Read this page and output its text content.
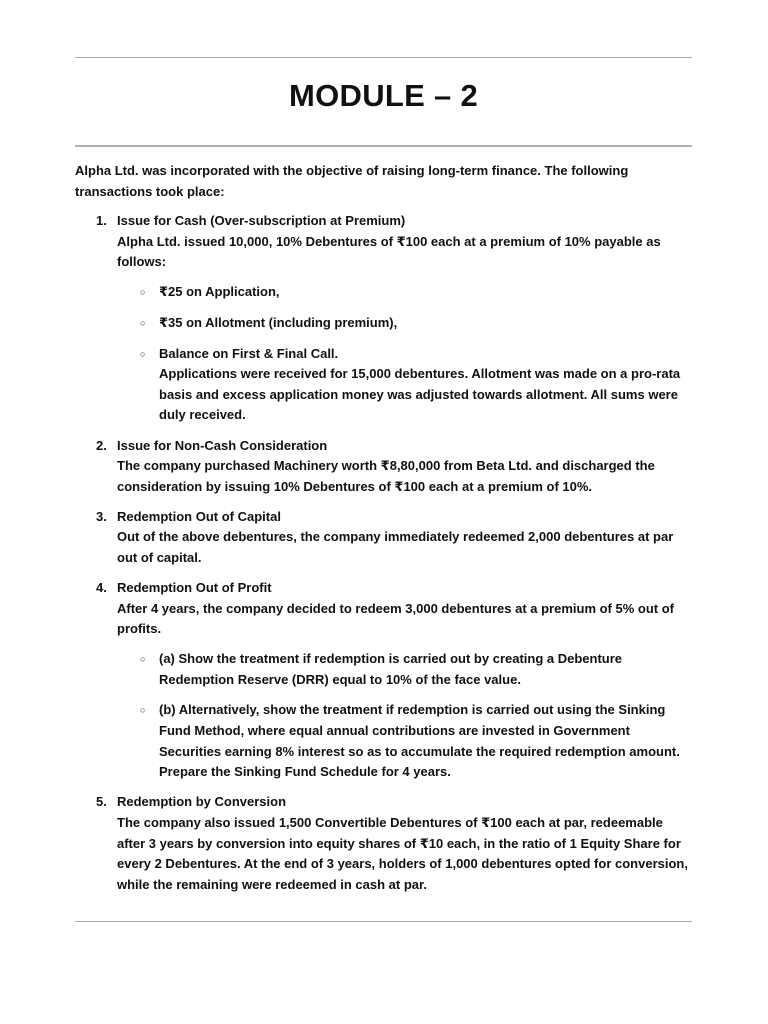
MODULE – 2

Alpha Ltd. was incorporated with the objective of raising long-term finance. The following transactions took place:

1. Issue for Cash (Over-subscription at Premium)
Alpha Ltd. issued 10,000, 10% Debentures of ₹100 each at a premium of 10% payable as follows:
○ ₹25 on Application,
○ ₹35 on Allotment (including premium),
○ Balance on First & Final Call.
Applications were received for 15,000 debentures. Allotment was made on a pro-rata basis and excess application money was adjusted towards allotment. All sums were duly received.
2. Issue for Non-Cash Consideration
The company purchased Machinery worth ₹8,80,000 from Beta Ltd. and discharged the consideration by issuing 10% Debentures of ₹100 each at a premium of 10%.
3. Redemption Out of Capital
Out of the above debentures, the company immediately redeemed 2,000 debentures at par out of capital.
4. Redemption Out of Profit
After 4 years, the company decided to redeem 3,000 debentures at a premium of 5% out of profits.
○ (a) Show the treatment if redemption is carried out by creating a Debenture Redemption Reserve (DRR) equal to 10% of the face value.
○ (b) Alternatively, show the treatment if redemption is carried out using the Sinking Fund Method, where equal annual contributions are invested in Government Securities earning 8% interest so as to accumulate the required redemption amount. Prepare the Sinking Fund Schedule for 4 years.
5. Redemption by Conversion
The company also issued 1,500 Convertible Debentures of ₹100 each at par, redeemable after 3 years by conversion into equity shares of ₹10 each, in the ratio of 1 Equity Share for every 2 Debentures. At the end of 3 years, holders of 1,000 debentures opted for conversion, while the remaining were redeemed in cash at par.
